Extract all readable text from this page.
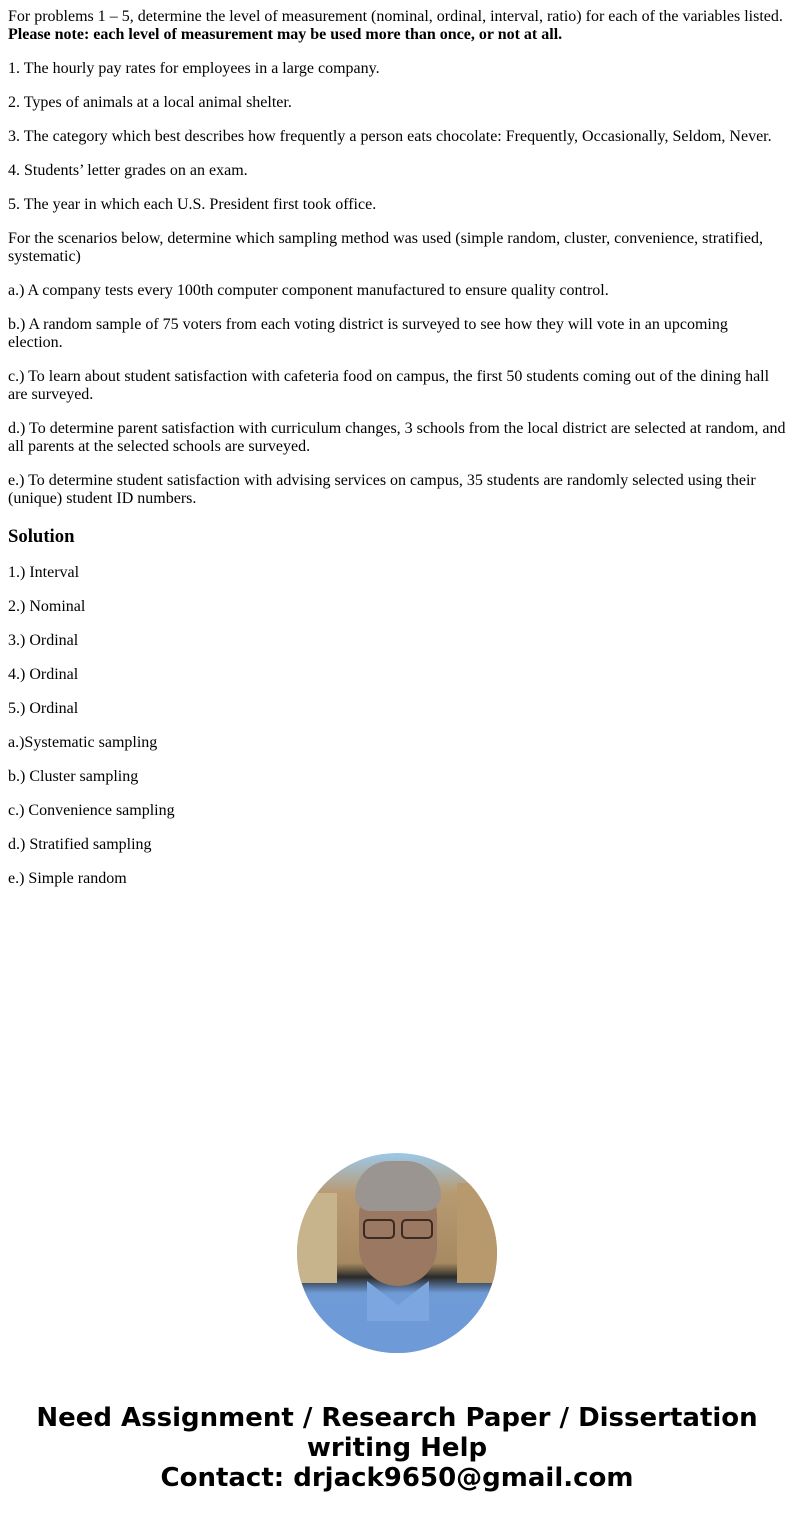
For problems 1 – 5, determine the level of measurement (nominal, ordinal, interval, ratio) for each of the variables listed.
Please note: each level of measurement may be used more than once, or not at all.

1. The hourly pay rates for employees in a large company.

2. Types of animals at a local animal shelter.

3. The category which best describes how frequently a person eats chocolate: Frequently, Occasionally, Seldom, Never.

4. Students’ letter grades on an exam.

5. The year in which each U.S. President first took office.

For the scenarios below, determine which sampling method was used (simple random, cluster, convenience, stratified, systematic)

a.) A company tests every 100th computer component manufactured to ensure quality control.

b.) A random sample of 75 voters from each voting district is surveyed to see how they will vote in an upcoming election.

c.) To learn about student satisfaction with cafeteria food on campus, the first 50 students coming out of the dining hall are surveyed.

d.) To determine parent satisfaction with curriculum changes, 3 schools from the local district are selected at random, and all parents at the selected schools are surveyed.

e.) To determine student satisfaction with advising services on campus, 35 students are randomly selected using their (unique) student ID numbers.

Solution

1.) Interval

2.) Nominal

3.) Ordinal

4.) Ordinal

5.) Ordinal

a.)Systematic sampling

b.) Cluster sampling

c.) Convenience sampling

d.) Stratified sampling

e.) Simple random

Need Assignment / Research Paper / Dissertation
writing Help
Contact: drjack9650@gmail.com
